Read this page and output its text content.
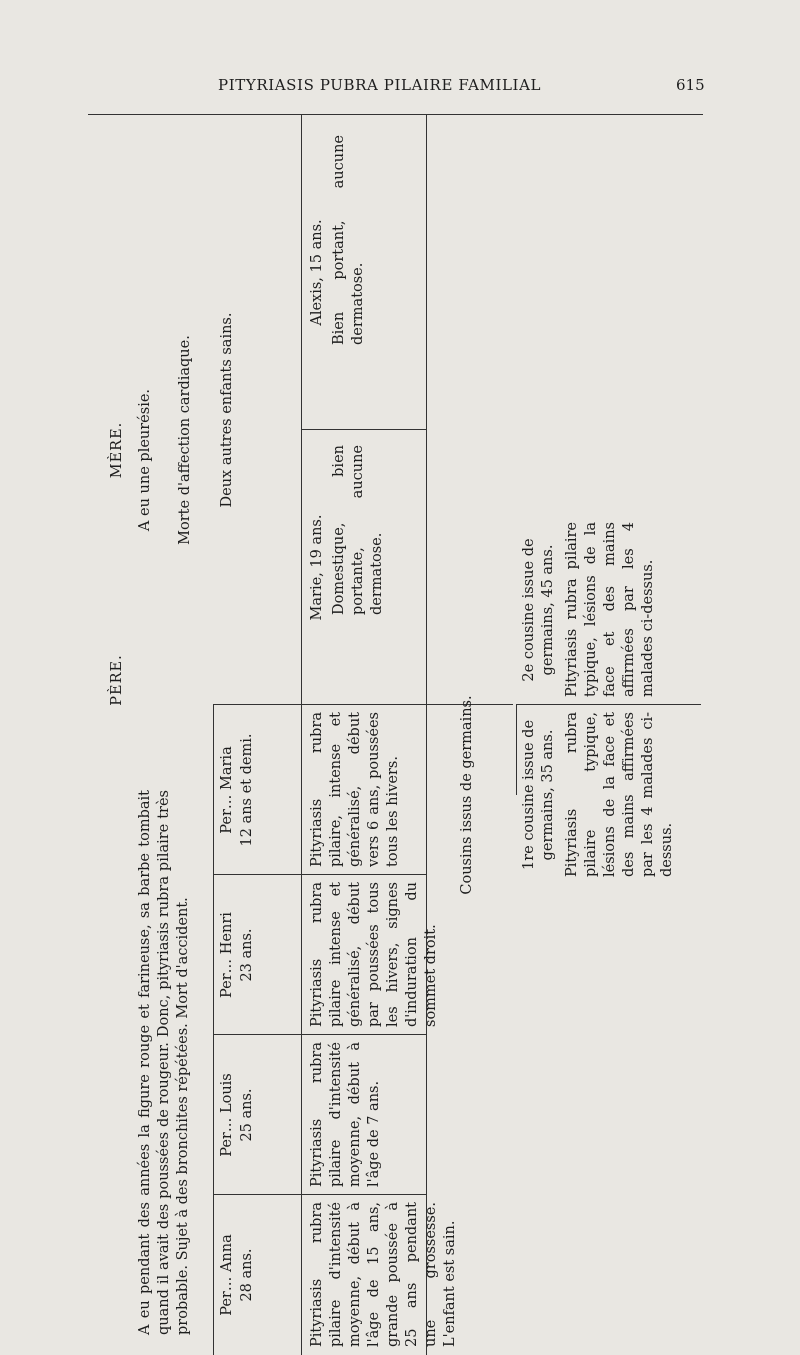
PITYRIASIS PUBRA PILAIRE FAMILIAL	615
PÈRE.
A eu pendant des années la figure rouge et farineuse, sa barbe tombait quand il avait des poussées de rougeur. Donc, pityriasis rubra pilaire très probable. Sujet à des bronchites répétées. Mort d'accident.
MÈRE. A eu une pleurésie. Morte d'affection cardiaque.
Per… Anna 28 ans.	Pityriasis rubra pilaire d'intensité moyenne, début à l'âge de 15 ans, grande poussée à 25 ans pendant une grossesse. L'enfant est sain.
Per… Louis 25 ans.	Pityriasis rubra pilaire d'intensité moyenne, début à l'âge de 7 ans.
Per… Henri 23 ans.	Pityriasis rubra pilaire intense et généralisé, début par poussées tous les hivers, signes d'induration du sommet droit.
Per… Maria 12 ans et demi.	Pityriasis rubra pilaire, intense et généralisé, début vers 6 ans, poussées tous les hivers.
Deux autres enfants sains.
Marie, 19 ans. Domestique, bien portante, aucune dermatose.
Alexis, 15 ans. Bien portant, aucune dermatose.
Cousins issus de germains.	1re cousine issue de germains, 35 ans. Pityriasis rubra pilaire typique, lésions de la face et des mains affirmées par les 4 malades ci-dessus.
2e cousine issue de germains, 45 ans. Pityriasis rubra pilaire typique, lésions de la face et des mains affirmées par les 4 malades ci-dessus.
